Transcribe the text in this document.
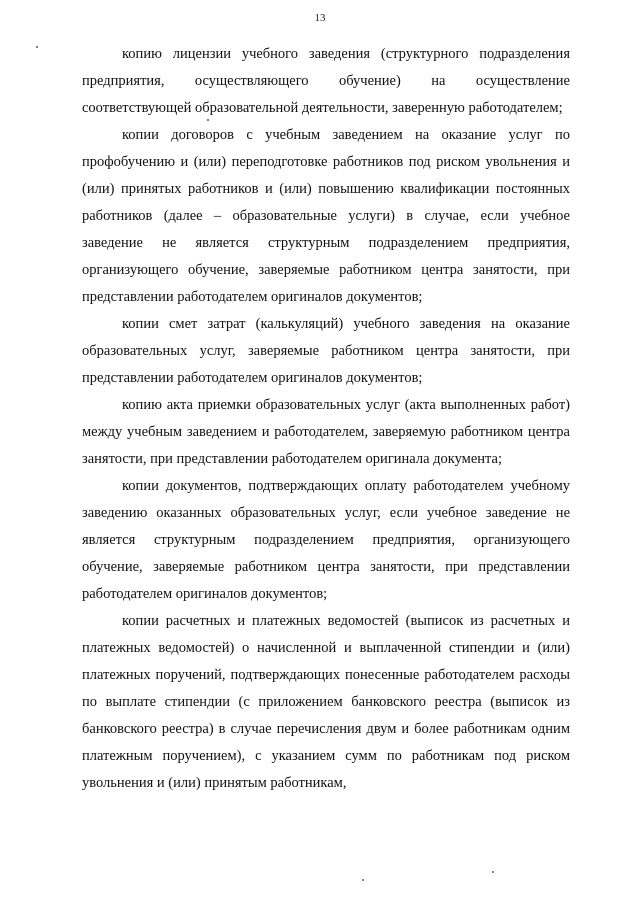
13

копию лицензии учебного заведения (структурного подразделения предприятия, осуществляющего обучение) на осуществление соответствующей образовательной деятельности, заверенную работодателем;

копии договоров с учебным заведением на оказание услуг по профобучению и (или) переподготовке работников под риском увольнения и (или) принятых работников и (или) повышению квалификации постоянных работников (далее – образовательные услуги) в случае, если учебное заведение не является структурным подразделением предприятия, организующего обучение, заверяемые работником центра занятости, при представлении работодателем оригиналов документов;

копии смет затрат (калькуляций) учебного заведения на оказание образовательных услуг, заверяемые работником центра занятости, при представлении работодателем оригиналов документов;

копию акта приемки образовательных услуг (акта выполненных работ) между учебным заведением и работодателем, заверяемую работником центра занятости, при представлении работодателем оригинала документа;

копии документов, подтверждающих оплату работодателем учебному заведению оказанных образовательных услуг, если учебное заведение не является структурным подразделением предприятия, организующего обучение, заверяемые работником центра занятости, при представлении работодателем оригиналов документов;

копии расчетных и платежных ведомостей (выписок из расчетных и платежных ведомостей) о начисленной и выплаченной стипендии и (или) платежных поручений, подтверждающих понесенные работодателем расходы по выплате стипендии (с приложением банковского реестра (выписок из банковского реестра) в случае перечисления двум и более работникам одним платежным поручением), с указанием сумм по работникам под риском увольнения и (или) принятым работникам,
